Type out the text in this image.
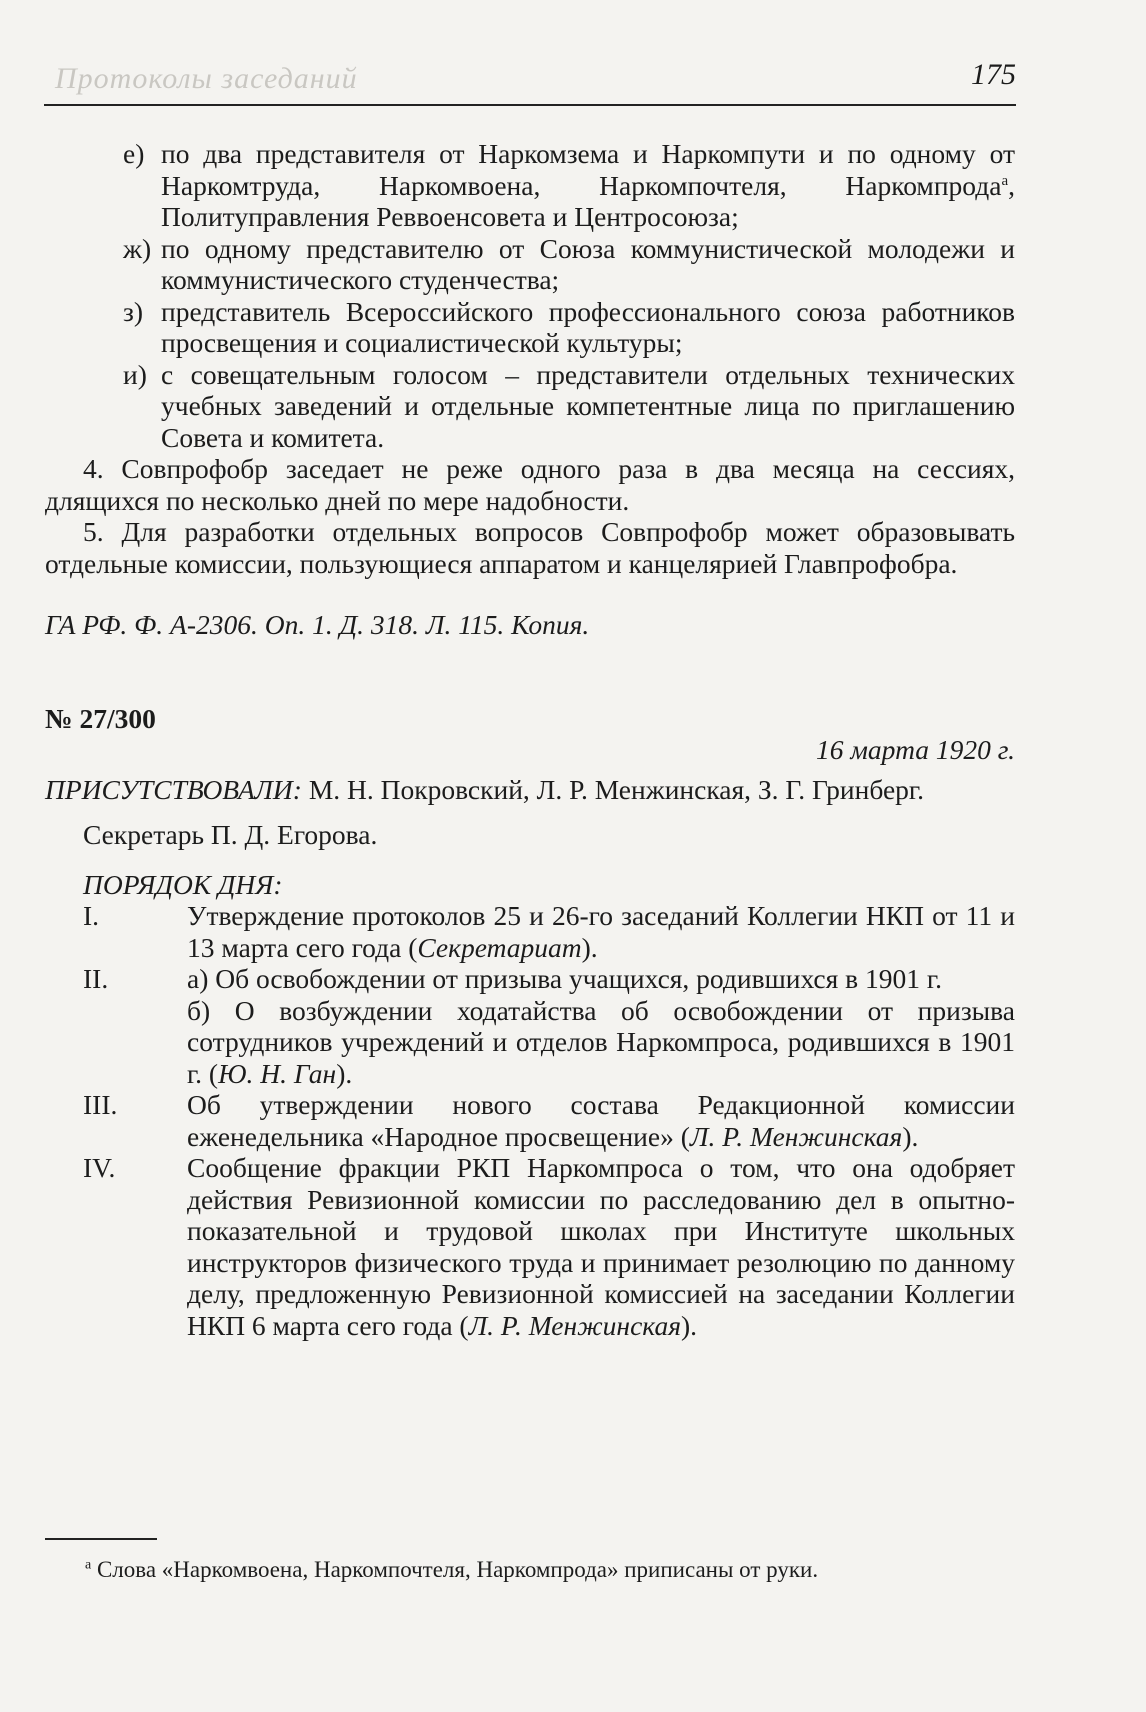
Протоколы заседаний	175
е) по два представителя от Наркомзема и Наркомпути и по одному от Наркомтруда, Наркомвоена, Наркомпочтеля, Наркомпрода$^а$, Политуправления Реввоенсовета и Центросоюза;
ж) по одному представителю от Союза коммунистической молодежи и коммунистического студенчества;
з) представитель Всероссийского профессионального союза работников просвещения и социалистической культуры;
и) с совещательным голосом – представители отдельных технических учебных заведений и отдельные компетентные лица по приглашению Совета и комитета.

4. Совпрофобр заседает не реже одного раза в два месяца на сессиях, длящихся по несколько дней по мере надобности.

5. Для разработки отдельных вопросов Совпрофобр может образовывать отдельные комиссии, пользующиеся аппаратом и канцелярией Главпрофобра.

ГА РФ. Ф. А-2306. Оп. 1. Д. 318. Л. 115. Копия.
№ 27/300
16 марта 1920 г.
ПРИСУТСТВОВАЛИ: М. Н. Покровский, Л. Р. Менжинская, З. Г. Гринберг.
Секретарь П. Д. Егорова.
ПОРЯДОК ДНЯ:
I.	Утверждение протоколов 25 и 26-го заседаний Коллегии НКП от 11 и 13 марта сего года (Секретариат).
II.	а) Об освобождении от призыва учащихся, родившихся в 1901 г.
б) О возбуждении ходатайства об освобождении от призыва сотрудников учреждений и отделов Наркомпроса, родившихся в 1901 г. (Ю. Н. Ган).
III.	Об утверждении нового состава Редакционной комиссии еженедельника «Народное просвещение» (Л. Р. Менжинская).
IV.	Сообщение фракции РКП Наркомпроса о том, что она одобряет действия Ревизионной комиссии по расследованию дел в опытно-показательной и трудовой школах при Институте школьных инструкторов физического труда и принимает резолюцию по данному делу, предложенную Ревизионной комиссией на заседании Коллегии НКП 6 марта сего года (Л. Р. Менжинская).
$^а$ Слова «Наркомвоена, Наркомпочтеля, Наркомпрода» приписаны от руки.
